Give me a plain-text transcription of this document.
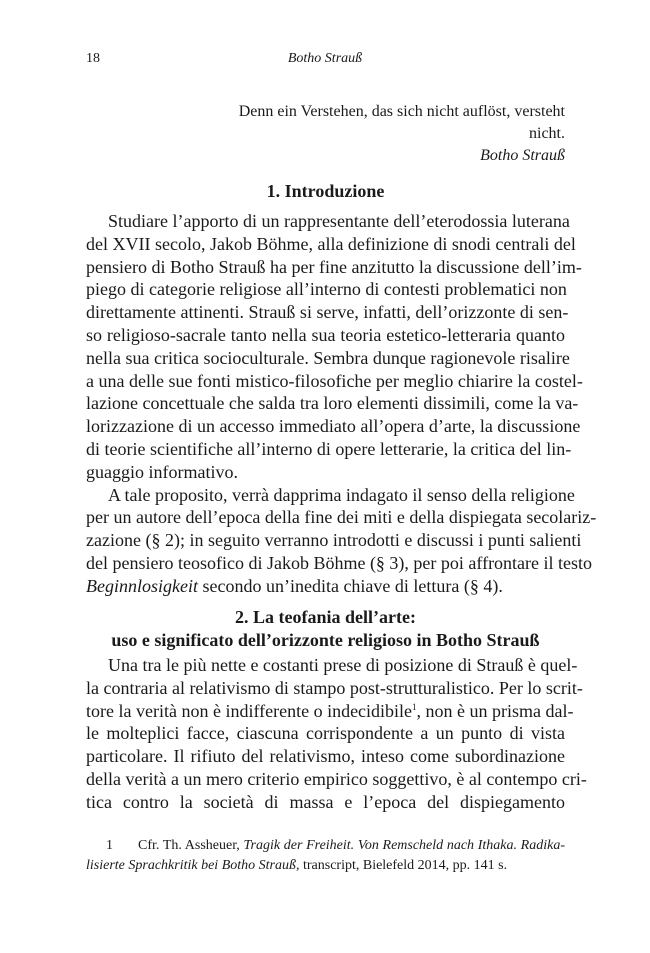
18	Botho Strauß
Denn ein Verstehen, das sich nicht auflöst, versteht nicht.
Botho Strauß
1. Introduzione
Studiare l’apporto di un rappresentante dell’eterodossia luterana
del XVII secolo, Jakob Böhme, alla definizione di snodi centrali del
pensiero di Botho Strauß ha per fine anzitutto la discussione dell’im-
piego di categorie religiose all’interno di contesti problematici non
direttamente attinenti. Strauß si serve, infatti, dell’orizzonte di sen-
so religioso-sacrale tanto nella sua teoria estetico-letteraria quanto
nella sua critica socioculturale. Sembra dunque ragionevole risalire
a una delle sue fonti mistico-filosofiche per meglio chiarire la costel-
lazione concettuale che salda tra loro elementi dissimili, come la va-
lorizzazione di un accesso immediato all’opera d’arte, la discussione
di teorie scientifiche all’interno di opere letterarie, la critica del lin-
guaggio informativo.
A tale proposito, verrà dapprima indagato il senso della religione
per un autore dell’epoca della fine dei miti e della dispiegata secolariz-
zazione (§ 2); in seguito verranno introdotti e discussi i punti salienti
del pensiero teosofico di Jakob Böhme (§ 3), per poi affrontare il testo
Beginnlosigkeit secondo un’inedita chiave di lettura (§ 4).
2. La teofania dell’arte:
uso e significato dell’orizzonte religioso in Botho Strauß
Una tra le più nette e costanti prese di posizione di Strauß è quel-
la contraria al relativismo di stampo post-strutturalistico. Per lo scrit-
tore la verità non è indifferente o indecidibile$^1$, non è un prisma dal-
le molteplici facce, ciascuna corrispondente a un punto di vista
particolare. Il rifiuto del relativismo, inteso come subordinazione
della verità a un mero criterio empirico soggettivo, è al contempo cri-
tica contro la società di massa e l’epoca del dispiegamento
1 Cfr. Th. Assheuer, Tragik der Freiheit. Von Remscheld nach Ithaka. Radika-
lisierte Sprachkritik bei Botho Strauß, transcript, Bielefeld 2014, pp. 141 s.
